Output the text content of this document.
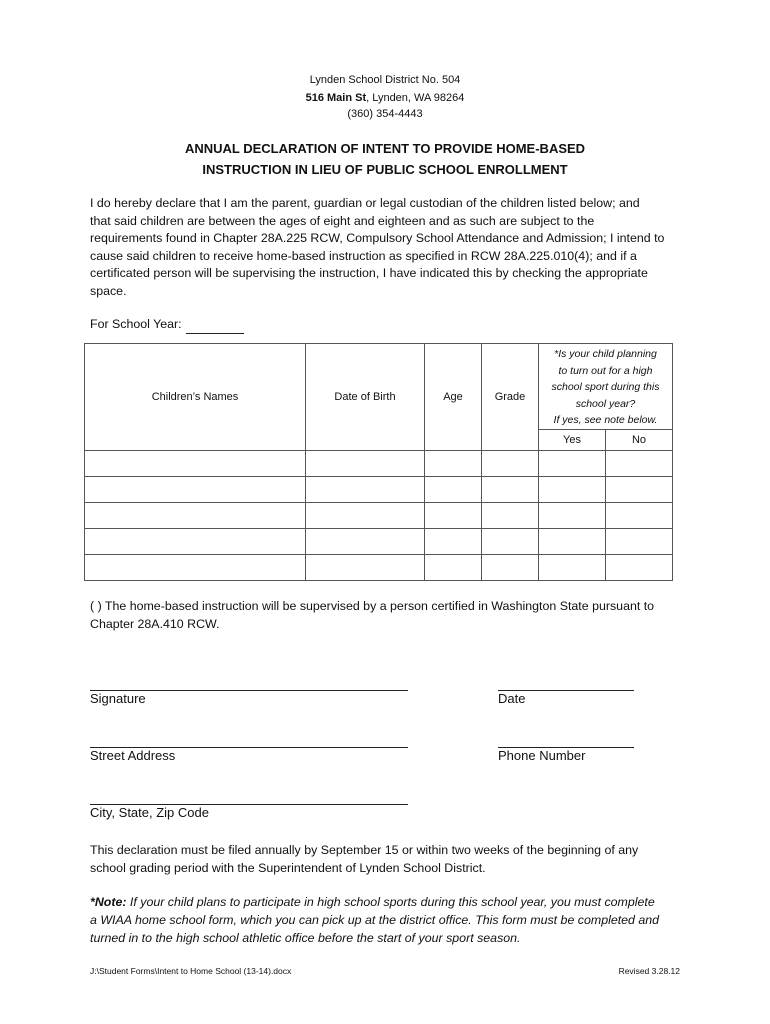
Lynden School District No. 504
516 Main St, Lynden, WA 98264
(360) 354-4443
ANNUAL DECLARATION OF INTENT TO PROVIDE HOME-BASED
INSTRUCTION IN LIEU OF PUBLIC SCHOOL ENROLLMENT
I do hereby declare that I am the parent, guardian or legal custodian of the children listed below; and
that said children are between the ages of eight and eighteen and as such are subject to the
requirements found in Chapter 28A.225 RCW, Compulsory School Attendance and Admission; I intend to
cause said children to receive home-based instruction as specified in RCW 28A.225.010(4); and if a
certificated person will be supervising the instruction, I have indicated this by checking the appropriate
space.
For School Year:
Children’s Names	Date of Birth	Age	Grade	*Is your child planning
to turn out for a high
school sport during this
school year?
If yes, see note below.	

				Yes	No

( ) The home-based instruction will be supervised by a person certified in Washington State pursuant to
Chapter 28A.410 RCW.
Signature	Date
Street Address	Phone Number
City, State, Zip Code
This declaration must be filed annually by September 15 or within two weeks of the beginning of any
school grading period with the Superintendent of Lynden School District.
*Note: If your child plans to participate in high school sports during this school year, you must complete
a WIAA home school form, which you can pick up at the district office. This form must be completed and
turned in to the high school athletic office before the start of your sport season.
J:\Student Forms\Intent to Home School (13-14).docx	Revised 3.28.12
